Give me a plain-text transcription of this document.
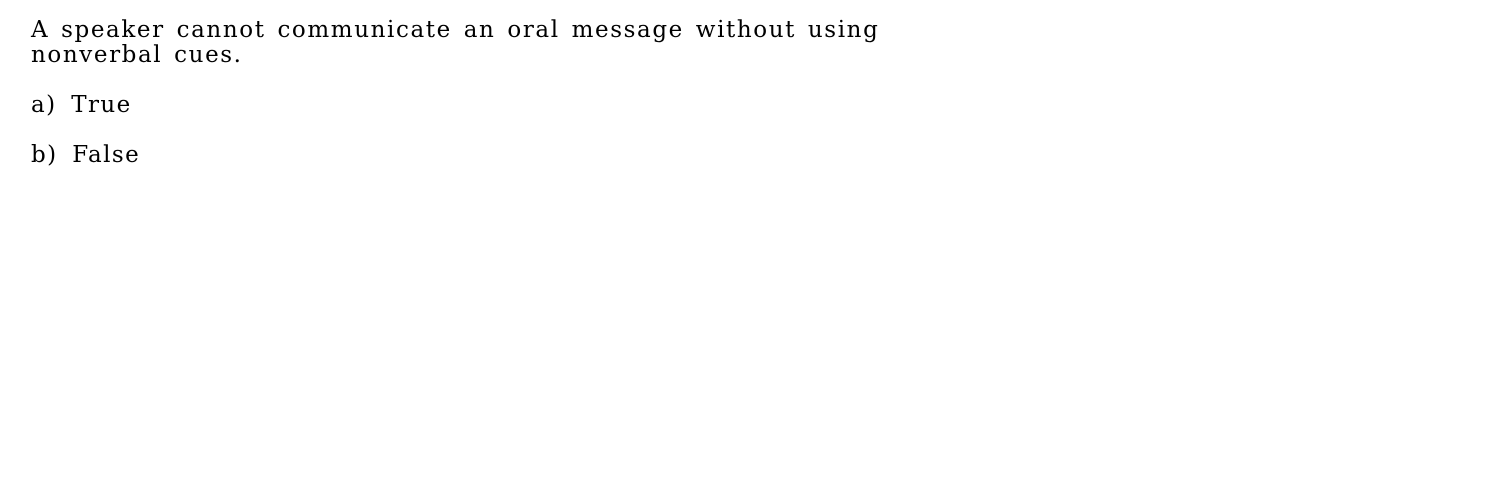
A speaker cannot communicate an oral message without using nonverbal cues.

a) True
b) False
